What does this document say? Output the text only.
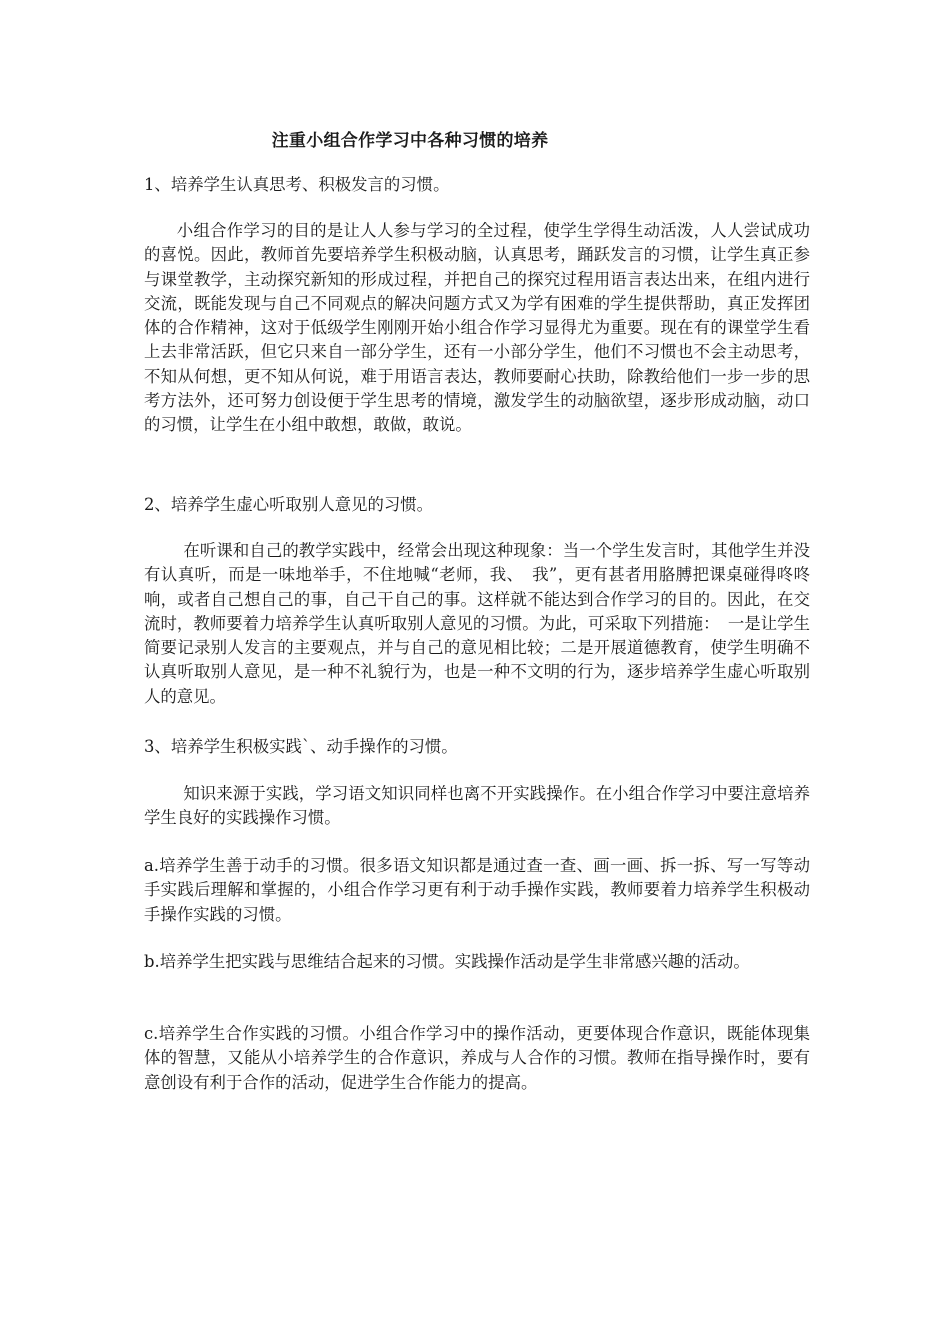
注重小组合作学习中各种习惯的培养

1、培养学生认真思考、积极发言的习惯。

小组合作学习的目的是让人人参与学习的全过程，使学生学得生动活泼，人人尝试成功的喜悦。因此，教师首先要培养学生积极动脑，认真思考，踊跃发言的习惯，让学生真正参与课堂教学，主动探究新知的形成过程，并把自己的探究过程用语言表达出来，在组内进行交流，既能发现与自己不同观点的解决问题方式又为学有困难的学生提供帮助，真正发挥团体的合作精神，这对于低级学生刚刚开始小组合作学习显得尤为重要。现在有的课堂学生看上去非常活跃，但它只来自一部分学生，还有一小部分学生，他们不习惯也不会主动思考，不知从何想，更不知从何说，难于用语言表达，教师要耐心扶助，除教给他们一步一步的思考方法外，还可努力创设便于学生思考的情境，激发学生的动脑欲望，逐步形成动脑，动口的习惯，让学生在小组中敢想，敢做，敢说。

2、培养学生虚心听取别人意见的习惯。

在听课和自己的教学实践中，经常会出现这种现象：当一个学生发言时，其他学生并没有认真听，而是一味地举手，不住地喊“老师，我、　我”，更有甚者用胳膊把课桌碰得咚咚响，或者自己想自己的事，自己干自己的事。这样就不能达到合作学习的目的。因此，在交流时，教师要着力培养学生认真听取别人意见的习惯。为此，可采取下列措施：　一是让学生简要记录别人发言的主要观点，并与自己的意见相比较；二是开展道德教育，使学生明确不认真听取别人意见，是一种不礼貌行为，也是一种不文明的行为，逐步培养学生虚心听取别人的意见。

3、培养学生积极实践`、动手操作的习惯。

知识来源于实践，学习语文知识同样也离不开实践操作。在小组合作学习中要注意培养学生良好的实践操作习惯。

a.培养学生善于动手的习惯。很多语文知识都是通过查一查、画一画、拆一拆、写一写等动手实践后理解和掌握的，小组合作学习更有利于动手操作实践，教师要着力培养学生积极动手操作实践的习惯。

b.培养学生把实践与思维结合起来的习惯。实践操作活动是学生非常感兴趣的活动。

c.培养学生合作实践的习惯。小组合作学习中的操作活动，更要体现合作意识，既能体现集体的智慧，又能从小培养学生的合作意识，养成与人合作的习惯。教师在指导操作时，要有意创设有利于合作的活动，促进学生合作能力的提高。
